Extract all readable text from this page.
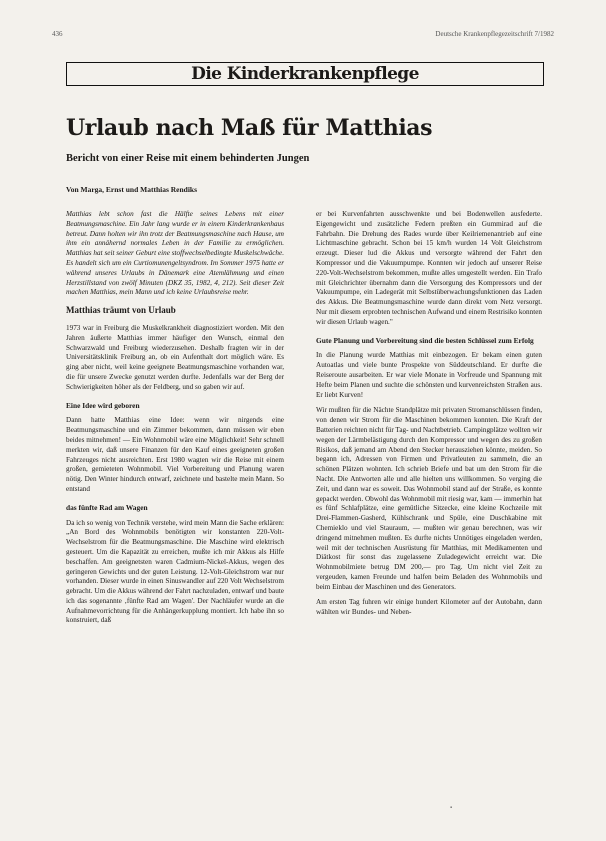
436	Deutsche Krankenpflegezeitschrift 7/1982
Die Kinderkrankenpflege
Urlaub nach Maß für Matthias
Bericht von einer Reise mit einem behinderten Jungen
Von Marga, Ernst und Matthias Rendiks

Matthias lebt schon fast die Hälfte seines Lebens mit einer Beatmungsmaschine. Ein Jahr lang wurde er in einem Kinderkrankenhaus betreut. Dann holten wir ihn trotz der Beatmungsmaschine nach Hause, um ihm ein annähernd normales Leben in der Familie zu ermöglichen. Matthias hat seit seiner Geburt eine stoffwechselbedingte Muskelschwäche. Es handelt sich um ein Curtiomunengeltsyndrom. Im Sommer 1975 hatte er während unseres Urlaubs in Dänemark eine Atemlähmung und einen Herzstillstand von zwölf Minuten (DKZ 35, 1982, 4, 212). Seit dieser Zeit machen Matthias, mein Mann und ich keine Urlaubsreise mehr.

Matthias träumt von Urlaub

1973 war in Freiburg die Muskelkrankheit diagnostiziert worden. Mit den Jahren äußerte Matthias immer häufiger den Wunsch, einmal den Schwarzwald und Freiburg wiederzusehen. Deshalb fragten wir in der Universitätsklinik Freiburg an, ob ein Aufenthalt dort möglich wäre. Es ging aber nicht, weil keine geeignete Beatmungsmaschine vorhanden war, die für unsere Zwecke genutzt werden durfte. Jedenfalls war der Berg der Schwierigkeiten höher als der Feldberg, und so gaben wir auf.

Eine Idee wird geboren

Dann hatte Matthias eine Idee: wenn wir nirgends eine Beatmungsmaschine und ein Zimmer bekommen, dann müssen wir eben beides mitnehmen! — Ein Wohnmobil wäre eine Möglichkeit! Sehr schnell merkten wir, daß unsere Finanzen für den Kauf eines geeigneten großen Fahrzeuges nicht ausreichten. Erst 1980 wagten wir die Reise mit einem großen, gemieteten Wohnmobil. Viel Vorbereitung und Planung waren nötig. Den Winter hindurch entwarf, zeichnete und bastelte mein Mann. So entstand

das fünfte Rad am Wagen

Da ich so wenig von Technik verstehe, wird mein Mann die Sache erklären: „An Bord des Wohnmobils benötigten wir konstanten 220-Volt-Wechselstrom für die Beatmungsmaschine. Die Maschine wird elektrisch gesteuert. Um die Kapazität zu erreichen, mußte ich mir Akkus als Hilfe beschaffen. Am geeignetsten waren Cadmium-Nickel-Akkus, wegen des geringeren Gewichts und der guten Leistung. 12-Volt-Gleichstrom war nur vorhanden. Dieser wurde in einen Sinuswandler auf 220 Volt Wechselstrom gebracht. Um die Akkus während der Fahrt nachzuladen, entwarf und baute ich das sogenannte ‚fünfte Rad am Wagen'. Der Nachläufer wurde an die Aufnahmevorrichtung für die Anhängerkupplung montiert. Ich habe ihn so konstruiert, daß

er bei Kurvenfahrten ausschwenkte und bei Bodenwellen ausfederte. Eigengewicht und zusätzliche Federn preßten ein Gummirad auf die Fahrbahn. Die Drehung des Rades wurde über Keilriemenantrieb auf eine Lichtmaschine gebracht. Schon bei 15 km/h wurden 14 Volt Gleichstrom erzeugt. Dieser lud die Akkus und versorgte während der Fahrt den Kompressor und die Vakuumpumpe. Konnten wir jedoch auf unserer Reise 220-Volt-Wechselstrom bekommen, mußte alles umgestellt werden. Ein Trafo mit Gleichrichter übernahm dann die Versorgung des Kompressors und der Vakuumpumpe, ein Ladegerät mit Selbstüberwachungsfunktionen das Laden des Akkus. Die Beatmungsmaschine wurde dann direkt vom Netz versorgt. Nur mit diesem erprobten technischen Aufwand und einem Restrisiko konnten wir diesen Urlaub wagen."

Gute Planung und Vorbereitung sind die besten Schlüssel zum Erfolg

In die Planung wurde Matthias mit einbezogen. Er bekam einen guten Autoatlas und viele bunte Prospekte von Süddeutschland. Er durfte die Reiseroute ausarbeiten. Er war viele Monate in Vorfreude und Spannung mit Hefte beim Planen und suchte die schönsten und kurvenreichsten Straßen aus. Er liebt Kurven!

Wir mußten für die Nächte Standplätze mit privaten Stromanschlüssen finden, von denen wir Strom für die Maschinen bekommen konnten. Die Kraft der Batterien reichten nicht für Tag- und Nachtbetrieb. Campingplätze wollten wir wegen der Lärmbelästigung durch den Kompressor und wegen des zu großen Risikos, daß jemand am Abend den Stecker herausziehen könnte, meiden. So begann ich, Adressen von Firmen und Privatleuten zu sammeln, die an schönen Plätzen wohnten. Ich schrieb Briefe und bat um den Strom für die Nacht. Die Antworten alle und alle hielten uns willkommen. So verging die Zeit, und dann war es soweit. Das Wohnmobil stand auf der Straße, es konnte gepackt werden. Obwohl das Wohnmobil mit riesig war, kam — immerhin hat es fünf Schlafplätze, eine gemütliche Sitzecke, eine kleine Kochzeile mit Drei-Flammen-Gasherd, Kühlschrank und Spüle, eine Duschkabine mit Chemieklo und viel Stauraum, — mußten wir genau berechnen, was wir dringend mitnehmen mußten. Es durfte nichts Unnötiges eingeladen werden, weil mit der technischen Ausrüstung für Matthias, mit Medikamenten und Diätkost für sonst das zugelassene Zuladegewicht erreicht war. Die Wohnmobilmiete betrug DM 200,— pro Tag. Um nicht viel Zeit zu vergeuden, kamen Freunde und halfen beim Beladen des Wohnmobils und beim Einbau der Maschinen und des Generators.

Am ersten Tag fuhren wir einige hundert Kilometer auf der Autobahn, dann wählten wir Bundes- und Neben-

▪
